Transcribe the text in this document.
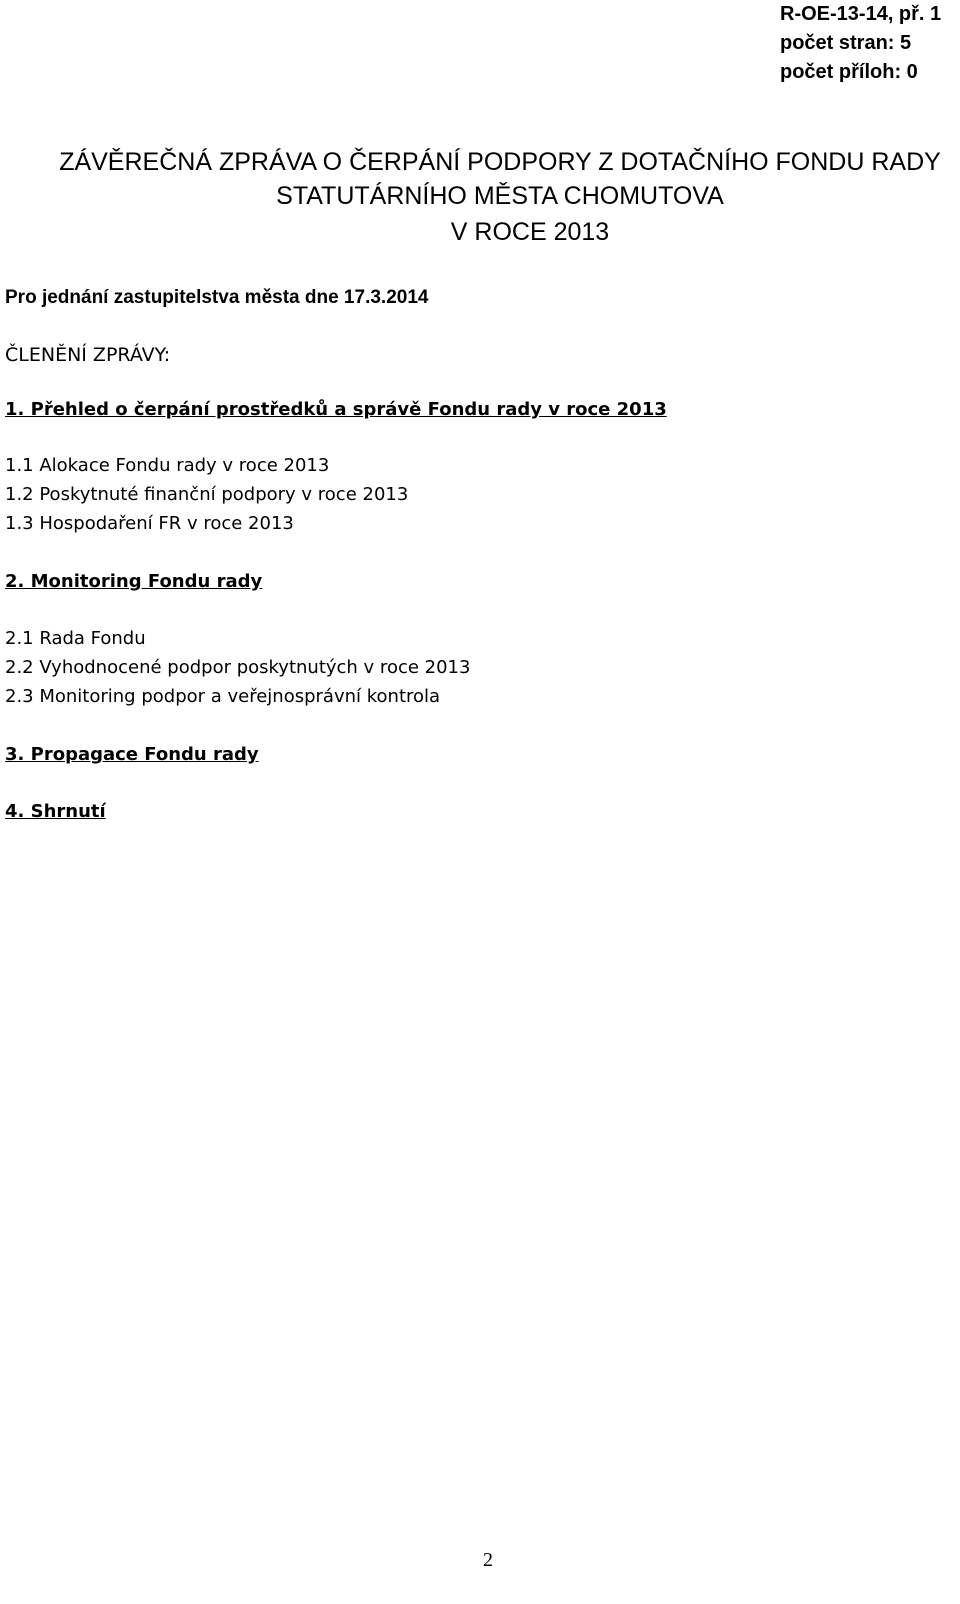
R-OE-13-14, př. 1
počet stran: 5
počet příloh: 0
ZÁVĚREČNÁ ZPRÁVA O ČERPÁNÍ PODPORY Z DOTAČNÍHO FONDU RADY
STATUTÁRNÍHO MĚSTA CHOMUTOVA
V ROCE 2013
Pro jednání zastupitelstva města dne 17.3.2014
ČLENĚNÍ ZPRÁVY:
1. Přehled o čerpání prostředků a správě Fondu rady v roce 2013
1.1 Alokace Fondu rady v roce 2013
1.2 Poskytnuté finanční podpory v roce 2013
1.3 Hospodaření FR v roce 2013
2. Monitoring Fondu rady
2.1 Rada Fondu
2.2 Vyhodnocené podpor poskytnutých v roce 2013
2.3 Monitoring podpor a veřejnosprávní kontrola
3. Propagace Fondu rady
4. Shrnutí
2
